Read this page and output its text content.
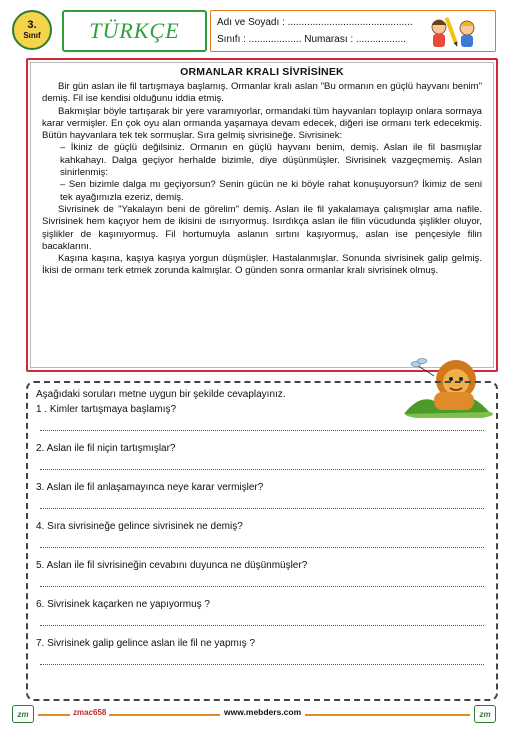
3.
Sınıf TÜRKÇE	Adı ve Soyadı : .............................................
Sınıfı : ................... Numarası : ..................
ORMANLAR KRALI SİVRİSİNEK

Bir gün aslan ile fil tartışmaya başlamış. Ormanlar kralı aslan "Bu ormanın en güçlü hayvanı benim" demiş. Fil ise kendisi olduğunu iddia etmiş.

Bakmışlar böyle tartışarak bir yere varamıyorlar, ormandaki tüm hayvanları toplayıp onlara sormaya karar vermişler. En çok oyu alan ormanda yaşamaya devam edecek, diğeri ise ormanı terk edecekmiş. Bütün hayvanlara tek tek sormuşlar. Sıra gelmiş sivrisineğe. Sivrisinek:

– İkiniz de güçlü değilsiniz. Ormanın en güçlü hayvanı benim, demiş. Aslan ile fil basmışlar kahkahayı. Dalga geçiyor herhalde bizimle, diye düşünmüşler. Sivrisinek vazgeçmemiş. Aslan sinirlenmiş:

– Sen bizimle dalga mı geçiyorsun? Senin gücün ne ki böyle rahat konuşuyorsun? İkimiz de seni tek ayağımızla ezeriz, demiş.

Sivrisinek de "Yakalayın beni de görelim" demiş. Aslan ile fil yakalamaya çalışmışlar ama nafile. Sivrisinek hem kaçıyor hem de ikisini de ısırıyormuş. Isırdıkça aslan ile filin vücudunda şişlikler oluyor, şişlikler de kaşınıyormuş. Fil hortumuyla aslanın sırtını kaşıyormuş, aslan ise pençesiyle filin bacaklarını.

Kaşına kaşına, kaşıya kaşıya yorgun düşmüşler. Hastalanmışlar. Sonunda sivrisinek galip gelmiş. İkisi de ormanı terk etmek zorunda kalmışlar. O günden sonra ormanlar kralı sivrisinek olmuş.

Aşağıdaki soruları metne uygun bir şekilde cevaplayınız.
1 . Kimler tartışmaya başlamış?
2. Aslan ile fil niçin tartışmışlar?
3. Aslan ile fil anlaşamayınca neye karar vermişler?
4. Sıra sivrisineğe gelince sivrisinek ne demiş?
5. Aslan ile fil sivrisineğin cevabını duyunca ne düşünmüşler?
6. Sivrisinek kaçarken ne yapıyormuş ?
7. Sivrisinek galip gelince aslan ile fil ne yapmış ?
zm	zmac658	www.mebders.com	zm
